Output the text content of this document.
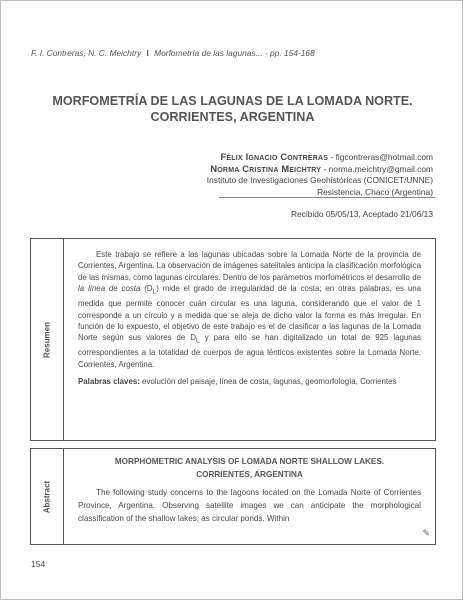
F. I. Contreras, N. C. Meichtry I Morfometría de las lagunas... - pp. 154-168
MORFOMETRÍA DE LAS LAGUNAS DE LA LOMADA NORTE.
CORRIENTES, ARGENTINA
Félix Ignacio Contreras - figcontreras@hotmail.com
Norma Cristina Meichtry - norma.meichtry@gmail.com
Instituto de Investigaciones Geohistóricas (CONICET/UNNE)
Resistencia, Chaco (Argentina)
Recibido 05/05/13, Aceptado 21/06/13
Resumen

Este trabajo se refiere a las lagunas ubicadas sobre la Lomada Norte de la provincia de Corrientes, Argentina. La observación de imágenes satelitales anticipa la clasificación morfológica de las mismas, como lagunas circulares. Dentro de los parámetros morfométricos el desarrollo de la línea de costa $(D_L)$ mide el grado de irregularidad de la costa; en otras palabras, es una medida que permite conocer cuán circular es una laguna, considerando que el valor de 1 corresponde a un círculo y a medida que se aleja de dicho valor la forma es más irregular. En función de lo expuesto, el objetivo de este trabajo es el de clasificar a las lagunas de la Lomada Norte según sus valores de $D_L$ y para ello se han digitalizado un total de 925 lagunas correspondientes a la totalidad de cuerpos de agua lénticos existentes sobre la Lomada Norte. Corrientes, Argentina.

Palabras claves: evolución del paisaje, línea de costa, lagunas, geomorfología, Corrientes

Abstract
MORPHOMETRIC ANALYSIS OF LOMADA NORTE SHALLOW LAKES.
CORRIENTES, ARGENTINA

The following study concerns to the lagoons located on the Lomada Norte of Corrientes Province, Argentina. Observing satellite images we can anticipate the morphological classification of the shallow lakes, as circular ponds. Within

✎
154
